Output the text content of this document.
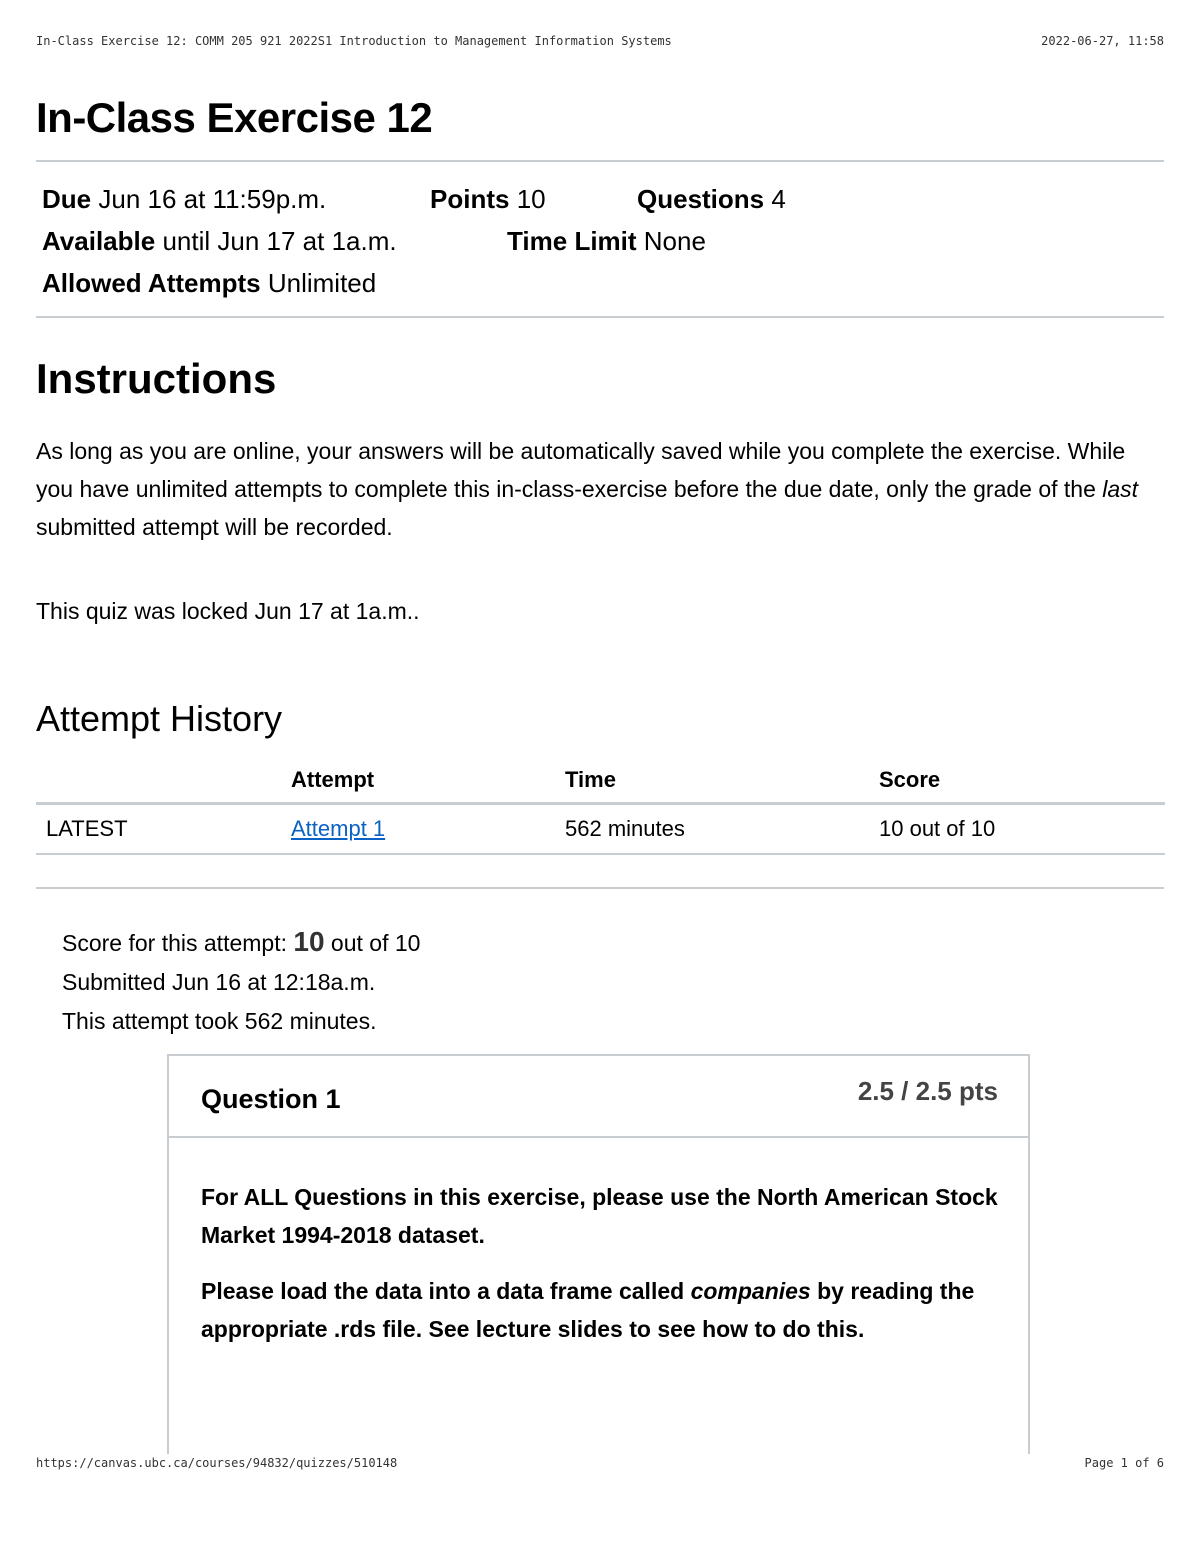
In-Class Exercise 12: COMM 205 921 2022S1 Introduction to Management Information Systems	2022-06-27, 11:58
In-Class Exercise 12
Due Jun 16 at 11:59p.m.	Points 10	Questions 4
Available until Jun 17 at 1a.m.	Time Limit None
Allowed Attempts Unlimited
Instructions

As long as you are online, your answers will be automatically saved while you complete the exercise. While you have unlimited attempts to complete this in-class-exercise before the due date, only the grade of the last submitted attempt will be recorded.

This quiz was locked Jun 17 at 1a.m..

Attempt History
	Attempt	Time	Score
LATEST	Attempt 1	562 minutes	10 out of 10
Score for this attempt: 10 out of 10
Submitted Jun 16 at 12:18a.m.
This attempt took 562 minutes.
Question 1	2.5 / 2.5 pts

For ALL Questions in this exercise, please use the North American Stock Market 1994-2018 dataset.

Please load the data into a data frame called companies by reading the appropriate .rds file. See lecture slides to see how to do this.

https://canvas.ubc.ca/courses/94832/quizzes/510148	Page 1 of 6
